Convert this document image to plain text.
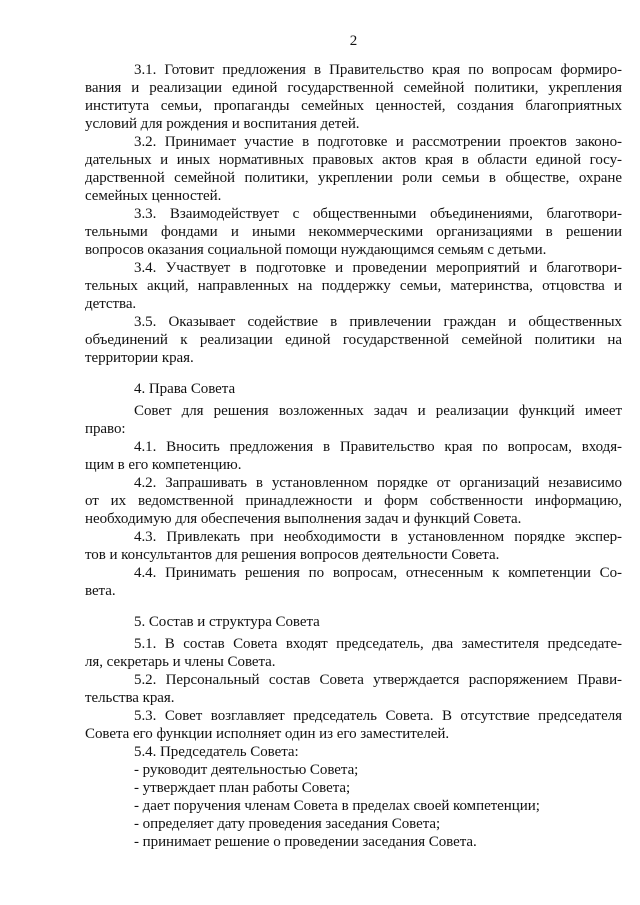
2
3.1. Готовит предложения в Правительство края по вопросам формиро-
вания и реализации единой государственной семейной политики, укрепления
института семьи, пропаганды семейных ценностей, создания благоприятных
условий для рождения и воспитания детей.
3.2. Принимает участие в подготовке и рассмотрении проектов законо-
дательных и иных нормативных правовых актов края в области единой госу-
дарственной семейной политики, укреплении роли семьи в обществе, охране
семейных ценностей.
3.3. Взаимодействует с общественными объединениями, благотвори-
тельными фондами и иными некоммерческими организациями в решении
вопросов оказания социальной помощи нуждающимся семьям с детьми.
3.4. Участвует в подготовке и проведении мероприятий и благотвори-
тельных акций, направленных на поддержку семьи, материнства, отцовства и
детства.
3.5. Оказывает содействие в привлечении граждан и общественных
объединений к реализации единой государственной семейной политики на
территории края.
4. Права Совета
Совет для решения возложенных задач и реализации функций имеет
право:
4.1. Вносить предложения в Правительство края по вопросам, входя-
щим в его компетенцию.
4.2. Запрашивать в установленном порядке от организаций независимо
от их ведомственной принадлежности и форм собственности информацию,
необходимую для обеспечения выполнения задач и функций Совета.
4.3. Привлекать при необходимости в установленном порядке экспер-
тов и консультантов для решения вопросов деятельности Совета.
4.4. Принимать решения по вопросам, отнесенным к компетенции Со-
вета.
5. Состав и структура Совета
5.1. В состав Совета входят председатель, два заместителя председате-
ля, секретарь и члены Совета.
5.2. Персональный состав Совета утверждается распоряжением Прави-
тельства края.
5.3. Совет возглавляет председатель Совета. В отсутствие председателя
Совета его функции исполняет один из его заместителей.
5.4. Председатель Совета:
- руководит деятельностью Совета;
- утверждает план работы Совета;
- дает поручения членам Совета в пределах своей компетенции;
- определяет дату проведения заседания Совета;
- принимает решение о проведении заседания Совета.
